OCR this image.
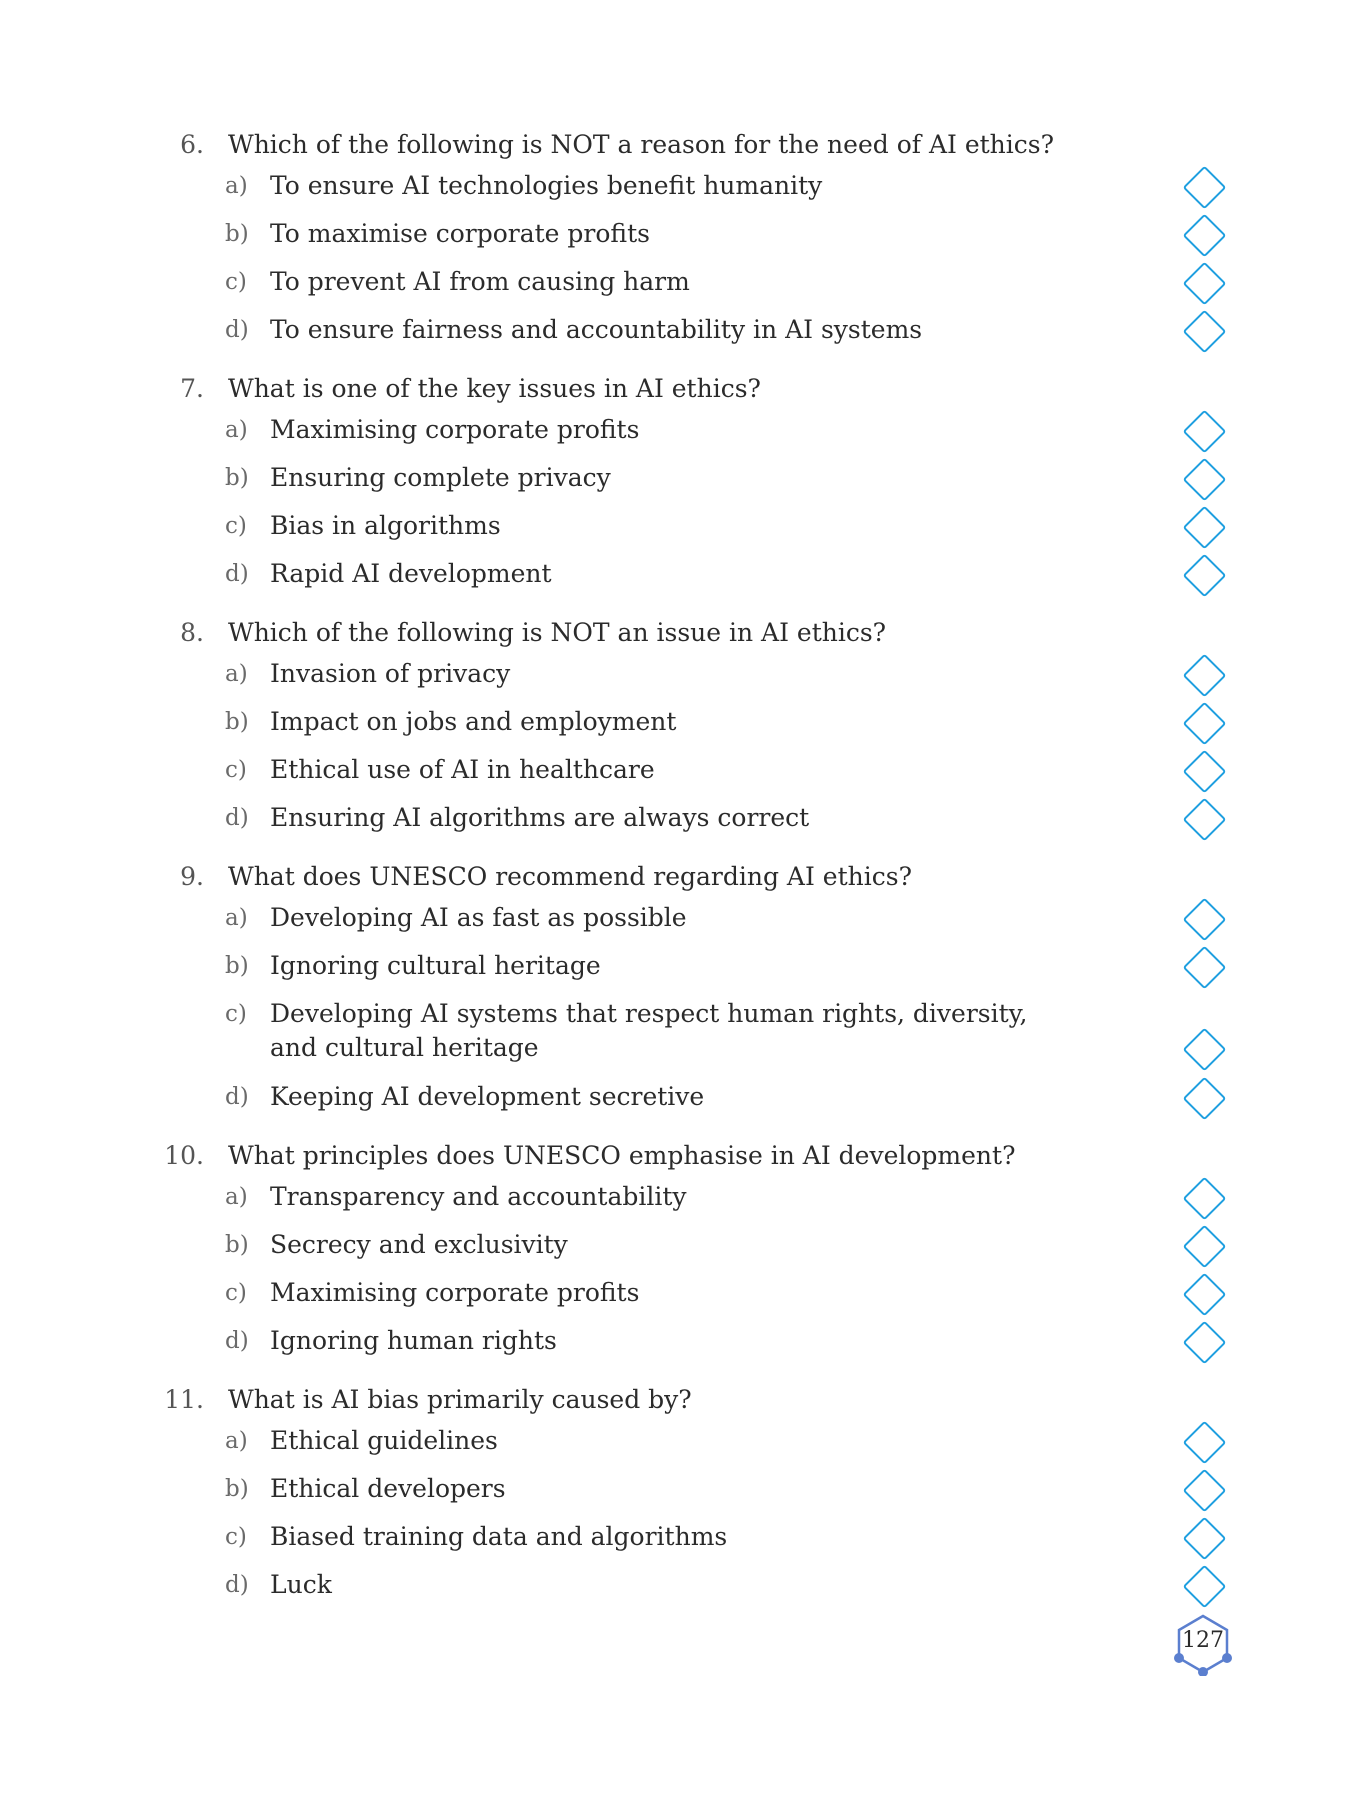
6. Which of the following is NOT a reason for the need of AI ethics?
a) To ensure AI technologies benefit humanity
b) To maximise corporate profits
c) To prevent AI from causing harm
d) To ensure fairness and accountability in AI systems
7. What is one of the key issues in AI ethics?
a) Maximising corporate profits
b) Ensuring complete privacy
c) Bias in algorithms
d) Rapid AI development
8. Which of the following is NOT an issue in AI ethics?
a) Invasion of privacy
b) Impact on jobs and employment
c) Ethical use of AI in healthcare
d) Ensuring AI algorithms are always correct
9. What does UNESCO recommend regarding AI ethics?
a) Developing AI as fast as possible
b) Ignoring cultural heritage
c) Developing AI systems that respect human rights, diversity, and cultural heritage
d) Keeping AI development secretive
10. What principles does UNESCO emphasise in AI development?
a) Transparency and accountability
b) Secrecy and exclusivity
c) Maximising corporate profits
d) Ignoring human rights
11. What is AI bias primarily caused by?
a) Ethical guidelines
b) Ethical developers
c) Biased training data and algorithms
d) Luck
127
